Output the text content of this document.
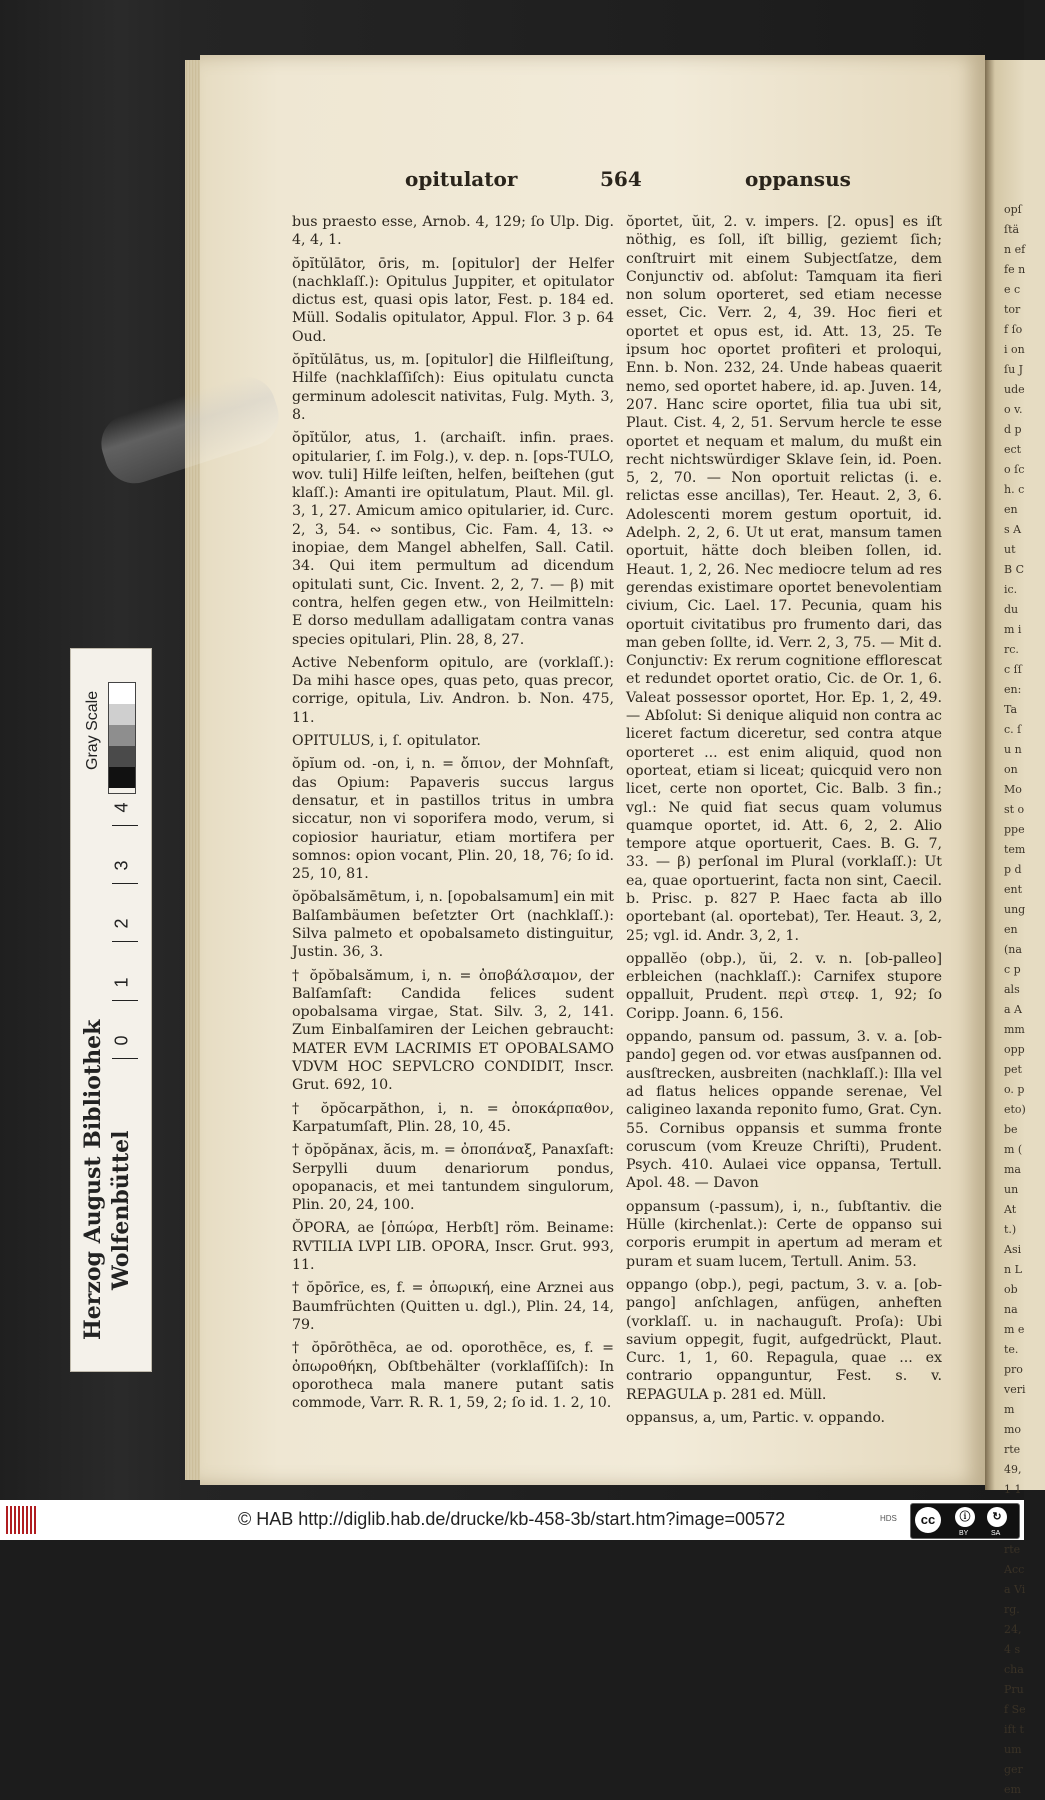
opſ ſtän effe ne c tor f ſo i onſu Jude o v. d pecto ſch. c en s Aut B Cic. dum i rc. c ſſen: Tac. ſu non Most oppe temp dent ungen (nac palsa Amm opp peto. peto) bem ( maun Att.) Asin Lob nam ete. pro verim morte 49, 1 1 rte Acca Virg. 24, 4 scha Pruf Seift tum gerem
opitulator	564	oppansus

bus praesto esse, Arnob. 4, 129; ſo Ulp. Dig. 4, 4, 1.

ŏpĭtŭlātor, ōris, m. [opitulor] der Helfer (nachklaſſ.): Opitulus Juppiter, et opitulator dictus est, quasi opis lator, Fest. p. 184 ed. Müll. Sodalis opitulator, Appul. Flor. 3 p. 64 Oud.

ŏpĭtŭlātus, us, m. [opitulor] die Hilfleiſtung, Hilfe (nachklaſſiſch): Eius opitulatu cuncta germinum adolescit nativitas, Fulg. Myth. 3, 8.

ŏpĭtŭlor, atus, 1. (archaiſt. infin. praes. opitularier, ſ. im Folg.), v. dep. n. [ops-TULO, wov. tuli] Hilfe leiſten, helfen, beiſtehen (gut klaſſ.): Amanti ire opitulatum, Plaut. Mil. gl. 3, 1, 27. Amicum amico opitularier, id. Curc. 2, 3, 54. ∾ sontibus, Cic. Fam. 4, 13. ∾ inopiae, dem Mangel abhelfen, Sall. Catil. 34. Qui item permultum ad dicendum opitulati sunt, Cic. Invent. 2, 2, 7. — β) mit contra, helfen gegen etw., von Heilmitteln: E dorso medullam adalligatam contra vanas species opitulari, Plin. 28, 8, 27.

Active Nebenform opitulo, are (vorklaſſ.): Da mihi hasce opes, quas peto, quas precor, corrige, opitula, Liv. Andron. b. Non. 475, 11.

OPITULUS, i, ſ. opitulator.

ŏpĭum od. -on, i, n. = ὄπιον, der Mohnſaft, das Opium: Papaveris succus largus densatur, et in pastillos tritus in umbra siccatur, non vi soporifera modo, verum, si copiosior hauriatur, etiam mortifera per somnos: opion vocant, Plin. 20, 18, 76; ſo id. 25, 10, 81.

ŏpŏbalsămētum, i, n. [opobalsamum] ein mit Balſambäumen beſetzter Ort (nachklaſſ.): Silva palmeto et opobalsameto distinguitur, Justin. 36, 3.

† ŏpŏbalsămum, i, n. = ὀποβάλσαμον, der Balſamſaft: Candida felices sudent opobalsama virgae, Stat. Silv. 3, 2, 141. Zum Einbalſamiren der Leichen gebraucht: MATER EVM LACRIMIS ET OPOBALSAMO VDVM HOC SEPVLCRO CONDIDIT, Inscr. Grut. 692, 10.

† ŏpŏcarpăthon, i, n. = ὀποκάρπαθον, Karpatumſaft, Plin. 28, 10, 45.

† ŏpŏpănax, ăcis, m. = ὀποπάναξ, Panaxſaft: Serpylli duum denariorum pondus, opopanacis, et mei tantundem singulorum, Plin. 20, 24, 100.

ŎPORA, ae [ὀπώρα, Herbſt] röm. Beiname: RVTILIA LVPI LIB. OPORA, Inscr. Grut. 993, 11.

† ŏpōrīce, es, f. = ὀπωρική, eine Arznei aus Baumfrüchten (Quitten u. dgl.), Plin. 24, 14, 79.

† ŏpōrōthēca, ae od. oporothēce, es, f. = ὀπωροθήκη, Obſtbehälter (vorklaſſiſch): In oporotheca mala manere putant satis commode, Varr. R. R. 1, 59, 2; ſo id. 1. 2, 10.

ŏportet, ŭit, 2. v. impers. [2. opus] es iſt nöthig, es ſoll, iſt billig, geziemt ſich; conſtruirt mit einem Subjectſatze, dem Conjunctiv od. abſolut: Tamquam ita fieri non solum oporteret, sed etiam necesse esset, Cic. Verr. 2, 4, 39. Hoc fieri et oportet et opus est, id. Att. 13, 25. Te ipsum hoc oportet profiteri et proloqui, Enn. b. Non. 232, 24. Unde habeas quaerit nemo, sed oportet habere, id. ap. Juven. 14, 207. Hanc scire oportet, filia tua ubi sit, Plaut. Cist. 4, 2, 51. Servum hercle te esse oportet et nequam et malum, du mußt ein recht nichtswürdiger Sklave ſein, id. Poen. 5, 2, 70. — Non oportuit relictas (i. e. relictas esse ancillas), Ter. Heaut. 2, 3, 6. Adolescenti morem gestum oportuit, id. Adelph. 2, 2, 6. Ut ut erat, mansum tamen oportuit, hätte doch bleiben ſollen, id. Heaut. 1, 2, 26. Nec mediocre telum ad res gerendas existimare oportet benevolentiam civium, Cic. Lael. 17. Pecunia, quam his oportuit civitatibus pro frumento dari, das man geben ſollte, id. Verr. 2, 3, 75. — Mit d. Conjunctiv: Ex rerum cognitione efflorescat et redundet oportet oratio, Cic. de Or. 1, 6. Valeat possessor oportet, Hor. Ep. 1, 2, 49. — Abſolut: Si denique aliquid non contra ac liceret factum diceretur, sed contra atque oporteret ... est enim aliquid, quod non oporteat, etiam si liceat; quicquid vero non licet, certe non oportet, Cic. Balb. 3 fin.; vgl.: Ne quid fiat secus quam volumus quamque oportet, id. Att. 6, 2, 2. Alio tempore atque oportuerit, Caes. B. G. 7, 33. — β) perſonal im Plural (vorklaſſ.): Ut ea, quae oportuerint, facta non sint, Caecil. b. Prisc. p. 827 P. Haec facta ab illo oportebant (al. oportebat), Ter. Heaut. 3, 2, 25; vgl. id. Andr. 3, 2, 1.

oppallĕo (obp.), ŭi, 2. v. n. [ob-palleo] erbleichen (nachklaſſ.): Carnifex stupore oppalluit, Prudent. περὶ στεφ. 1, 92; ſo Coripp. Joann. 6, 156.

oppando, pansum od. passum, 3. v. a. [ob-pando] gegen od. vor etwas ausſpannen od. ausſtrecken, ausbreiten (nachklaſſ.): Illa vel ad flatus helices oppande serenae, Vel caligineo laxanda reponito fumo, Grat. Cyn. 55. Cornibus oppansis et summa fronte coruscum (vom Kreuze Chriſti), Prudent. Psych. 410. Aulaei vice oppansa, Tertull. Apol. 48. — Davon

oppansum (-passum), i, n., ſubſtantiv. die Hülle (kirchenlat.): Certe de oppanso sui corporis erumpit in apertum ad meram et puram et suam lucem, Tertull. Anim. 53.

oppango (obp.), pegi, pactum, 3. v. a. [ob-pango] anſchlagen, anfügen, anheften (vorklaſſ. u. in nachauguſt. Proſa): Ubi savium oppegit, fugit, aufgedrückt, Plaut. Curc. 1, 1, 60. Repagula, quae ... ex contrario oppanguntur, Fest. s. v. REPAGULA p. 281 ed. Müll.

oppansus, a, um, Partic. v. oppando.

Herzog August Bibliothek Wolfenbüttel
Gray Scale
0
1
2
3
4
© HAB http://diglib.hab.de/drucke/kb-458-3b/start.htm?image=00572	HDS	cc	ⓘ	↻
BY	SA
